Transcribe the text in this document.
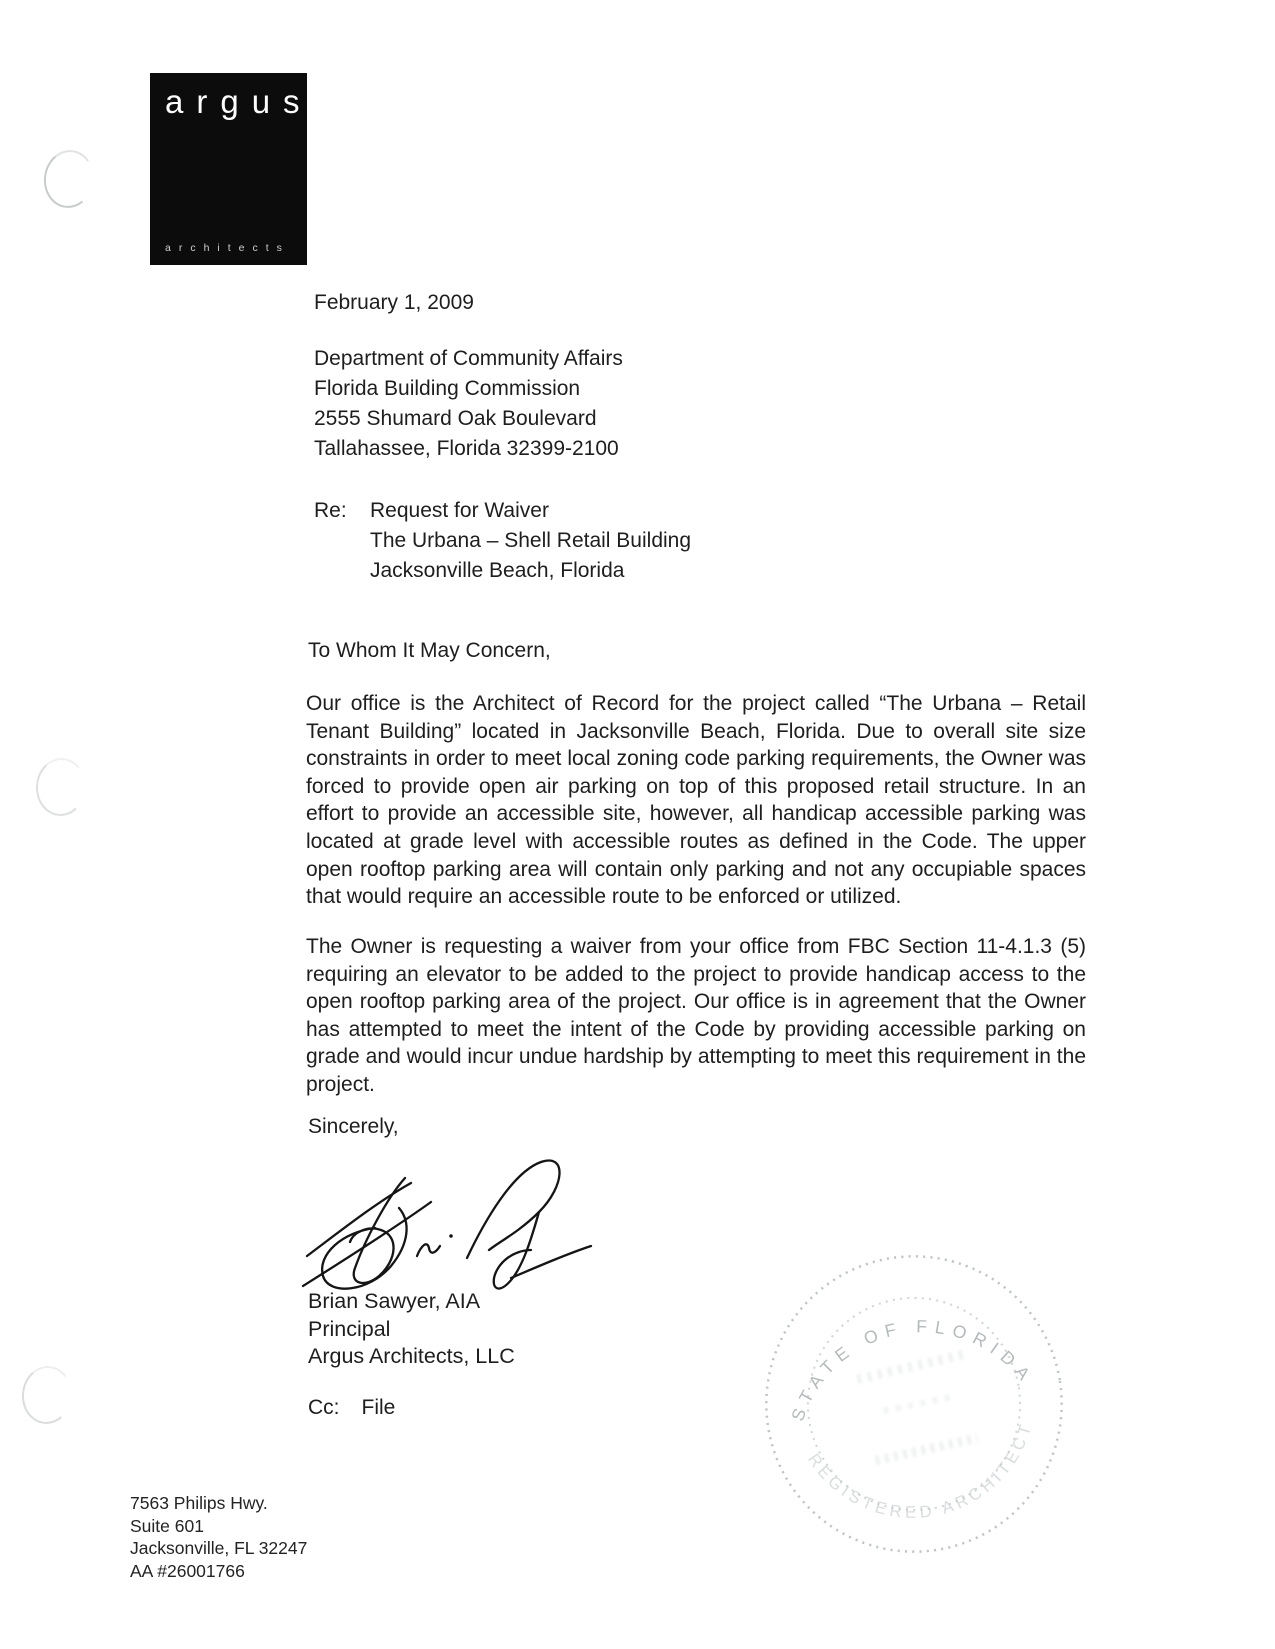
argus
architects
February 1, 2009
Department of Community Affairs
Florida Building Commission
2555 Shumard Oak Boulevard
Tallahassee, Florida 32399-2100
Re:	Request for Waiver
The Urbana – Shell Retail Building
Jacksonville Beach, Florida
To Whom It May Concern,
Our office is the Architect of Record for the project called “The Urbana – Retail Tenant Building” located in Jacksonville Beach, Florida. Due to overall site size constraints in order to meet local zoning code parking requirements, the Owner was forced to provide open air parking on top of this proposed retail structure. In an effort to provide an accessible site, however, all handicap accessible parking was located at grade level with accessible routes as defined in the Code. The upper open rooftop parking area will contain only parking and not any occupiable spaces that would require an accessible route to be enforced or utilized.
The Owner is requesting a waiver from your office from FBC Section 11-4.1.3 (5) requiring an elevator to be added to the project to provide handicap access to the open rooftop parking area of the project. Our office is in agreement that the Owner has attempted to meet the intent of the Code by providing accessible parking on grade and would incur undue hardship by attempting to meet this requirement in the project.
Sincerely,
Brian Sawyer, AIA
Principal
Argus Architects, LLC
Cc: File	STATE OF FLORIDA
REGISTERED ARCHITECT
7563 Philips Hwy.
Suite 601
Jacksonville, FL 32247
AA #26001766
